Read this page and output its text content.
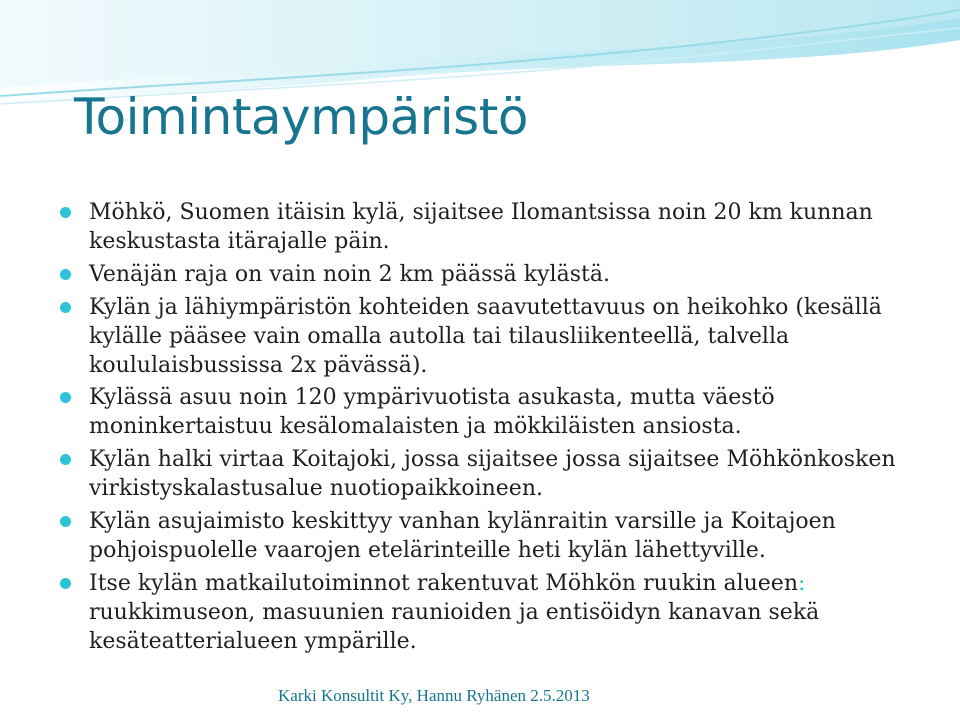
Toimintaympäristö
Möhkö, Suomen itäisin kylä, sijaitsee Ilomantsissa noin 20 km kunnan keskustasta itärajalle päin.
Venäjän raja on vain noin 2 km päässä kylästä.
Kylän ja lähiympäristön kohteiden saavutettavuus on heikohko (kesällä kylälle pääsee vain omalla autolla tai tilausliikenteellä, talvella koululaisbussissa 2x pävässä).
Kylässä asuu noin 120 ympärivuotista asukasta, mutta väestö moninkertaistuu kesälomalaisten ja mökkiläisten ansiosta.
Kylän halki virtaa Koitajoki, jossa sijaitsee jossa sijaitsee Möhkönkosken virkistyskalastusalue nuotiopaikkoineen.
Kylän asujaimisto keskittyy vanhan kylänraitin varsille ja Koitajoen pohjoispuolelle vaarojen etelärinteille heti kylän lähettyville.
Itse kylän matkailutoiminnot rakentuvat Möhkön ruukin alueen: ruukkimuseon, masuunien raunioiden ja entisöidyn kanavan sekä kesäteatterialueen ympärille.
Karki Konsultit Ky, Hannu Ryhänen 2.5.2013
